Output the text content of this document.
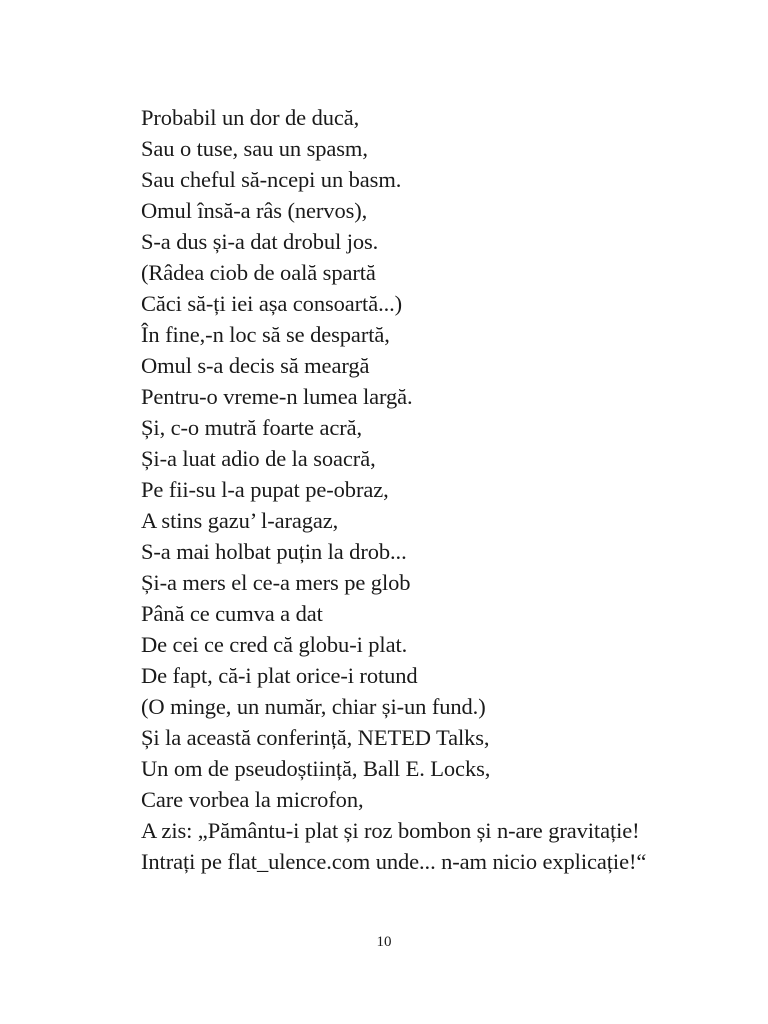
Probabil un dor de ducă,
Sau o tuse, sau un spasm,
Sau cheful să-ncepi un basm.
Omul însă-a râs (nervos),
S-a dus și-a dat drobul jos.
(Râdea ciob de oală spartă
Căci să-ți iei așa consoartă...)
În fine,-n loc să se despartă,
Omul s-a decis să meargă
Pentru-o vreme-n lumea largă.
Și, c-o mutră foarte acră,
Și-a luat adio de la soacră,
Pe fii-su l-a pupat pe-obraz,
A stins gazu’ l-aragaz,
S-a mai holbat puțin la drob...
Și-a mers el ce-a mers pe glob
Până ce cumva a dat
De cei ce cred că globu-i plat.
De fapt, că-i plat orice-i rotund
(O minge, un număr, chiar și-un fund.)
Și la această conferință, NETED Talks,
Un om de pseudoștiință, Ball E. Locks,
Care vorbea la microfon,
A zis: „Pământu-i plat și roz bombon și n-are gravitație!
Intrați pe flat_ulence.com unde... n-am nicio explicație!“
10
